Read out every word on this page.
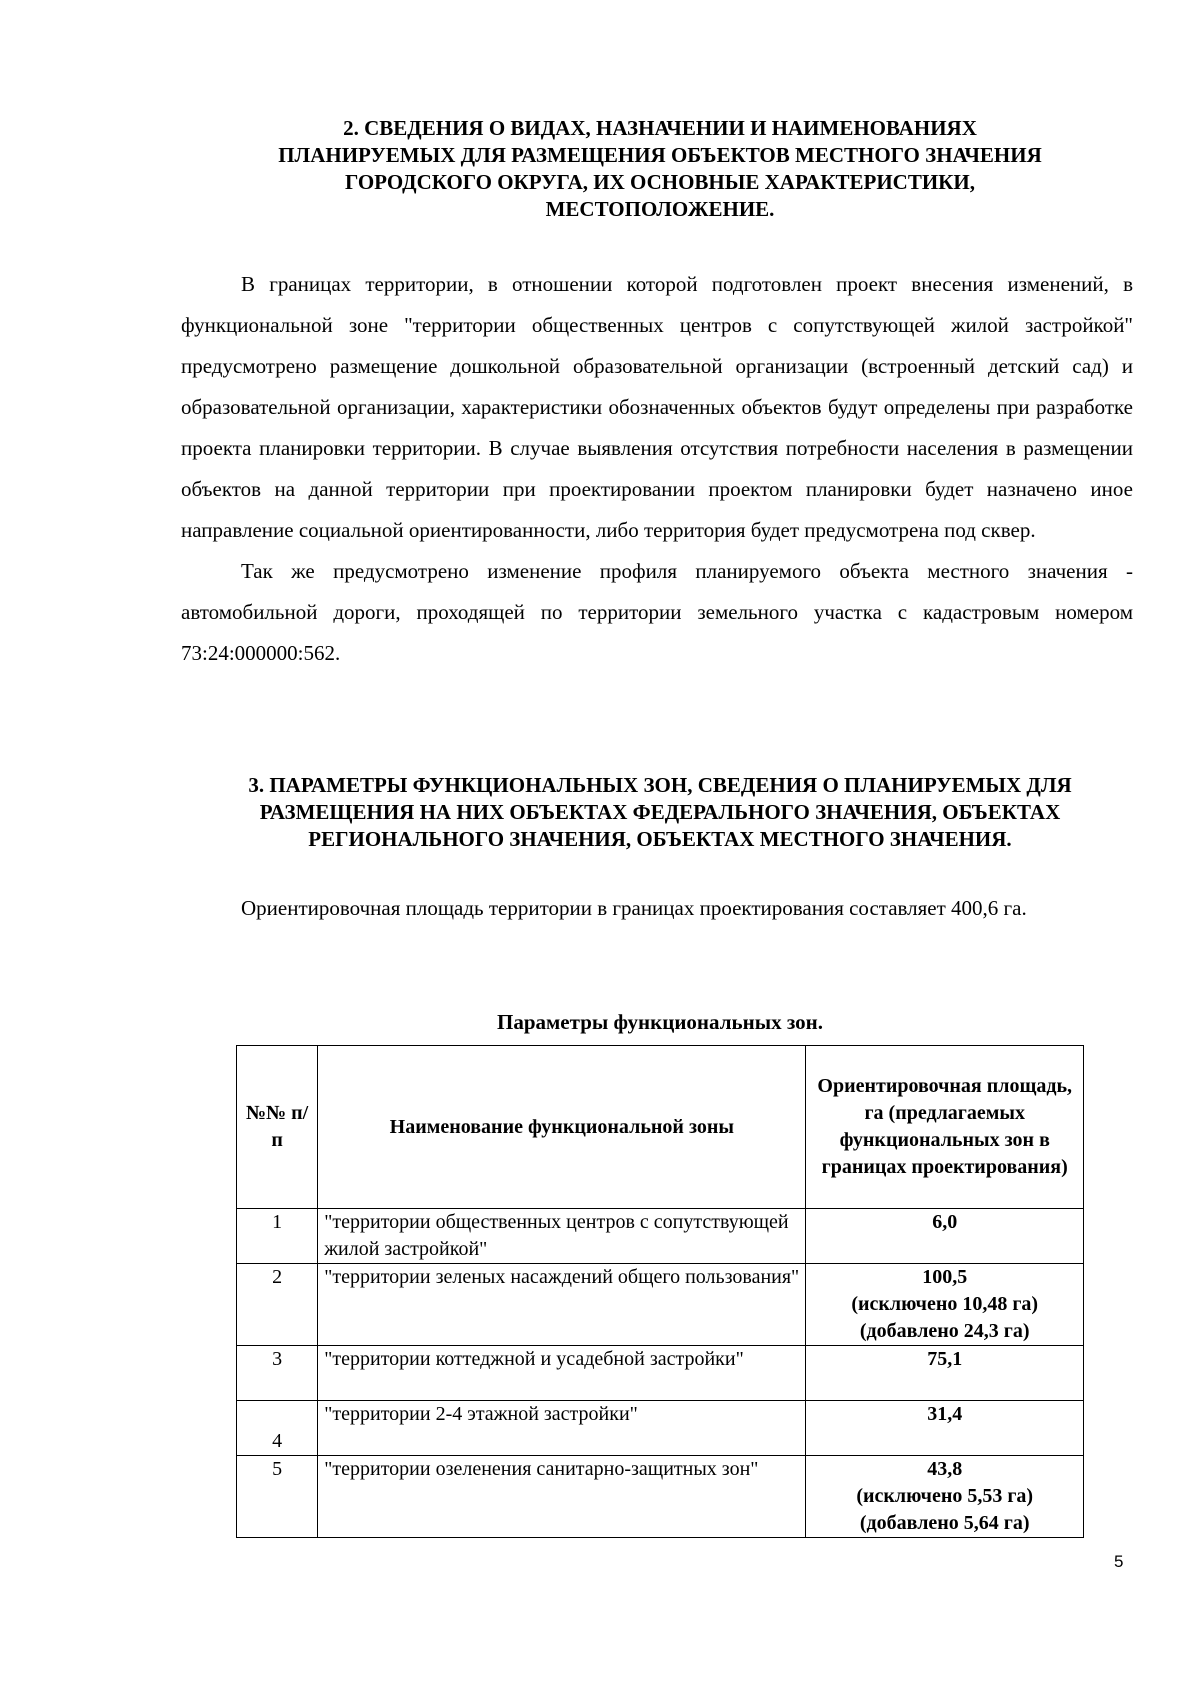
2. СВЕДЕНИЯ О ВИДАХ, НАЗНАЧЕНИИ И НАИМЕНОВАНИЯХ
ПЛАНИРУЕМЫХ ДЛЯ РАЗМЕЩЕНИЯ ОБЪЕКТОВ МЕСТНОГО ЗНАЧЕНИЯ
ГОРОДСКОГО ОКРУГА, ИХ ОСНОВНЫЕ ХАРАКТЕРИСТИКИ,
МЕСТОПОЛОЖЕНИЕ.

В границах территории, в отношении которой подготовлен проект внесения изменений, в функциональной зоне "территории общественных центров с сопутствующей жилой застройкой" предусмотрено размещение дошкольной образовательной организации (встроенный детский сад) и образовательной организации, характеристики обозначенных объектов будут определены при разработке проекта планировки территории. В случае выявления отсутствия потребности населения в размещении объектов на данной территории при проектировании проектом планировки будет назначено иное направление социальной ориентированности, либо территория будет предусмотрена под сквер.

Так же предусмотрено изменение профиля планируемого объекта местного значения - автомобильной дороги, проходящей по территории земельного участка с кадастровым номером 73:24:000000:562.

3. ПАРАМЕТРЫ ФУНКЦИОНАЛЬНЫХ ЗОН, СВЕДЕНИЯ О ПЛАНИРУЕМЫХ ДЛЯ
РАЗМЕЩЕНИЯ НА НИХ ОБЪЕКТАХ ФЕДЕРАЛЬНОГО ЗНАЧЕНИЯ, ОБЪЕКТАХ
РЕГИОНАЛЬНОГО ЗНАЧЕНИЯ, ОБЪЕКТАХ МЕСТНОГО ЗНАЧЕНИЯ.

Ориентировочная площадь территории в границах проектирования составляет 400,6 га.

Параметры функциональных зон.
№№ п/п	Наименование функциональной зоны	Ориентировочная площадь, га (предлагаемых функциональных зон в границах проектирования)
1	"территории общественных центров с сопутствующей жилой застройкой"	6,0

2	"территории зеленых насаждений общего пользования"	100,5
(исключено 10,48 га)
(добавлено 24,3 га)

3	"территории коттеджной и усадебной застройки"	75,1

4	"территории 2-4 этажной застройки"	31,4

5	"территории озеленения санитарно-защитных зон"	43,8
(исключено 5,53 га)
(добавлено 5,64 га)
5
